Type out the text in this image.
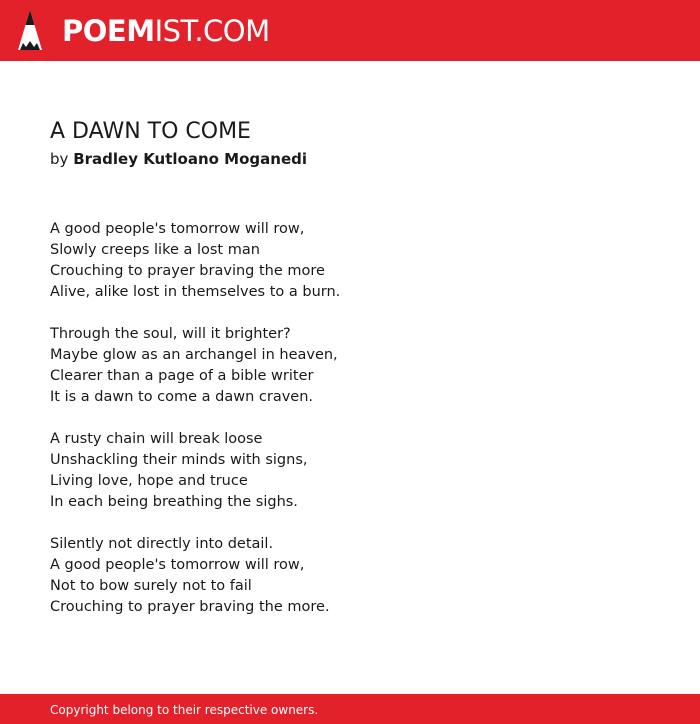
POEMIST.COM
A DAWN TO COME
by Bradley Kutloano Moganedi
A good people's tomorrow will row,
Slowly creeps like a lost man
Crouching to prayer braving the more
Alive, alike lost in themselves to a burn.
Through the soul, will it brighter?
Maybe glow as an archangel in heaven,
Clearer than a page of a bible writer
It is a dawn to come a dawn craven.
A rusty chain will break loose
Unshackling their minds with signs,
Living love, hope and truce
In each being breathing the sighs.
Silently not directly into detail.
A good people's tomorrow will row,
Not to bow surely not to fail
Crouching to prayer braving the more.
Copyright belong to their respective owners.
